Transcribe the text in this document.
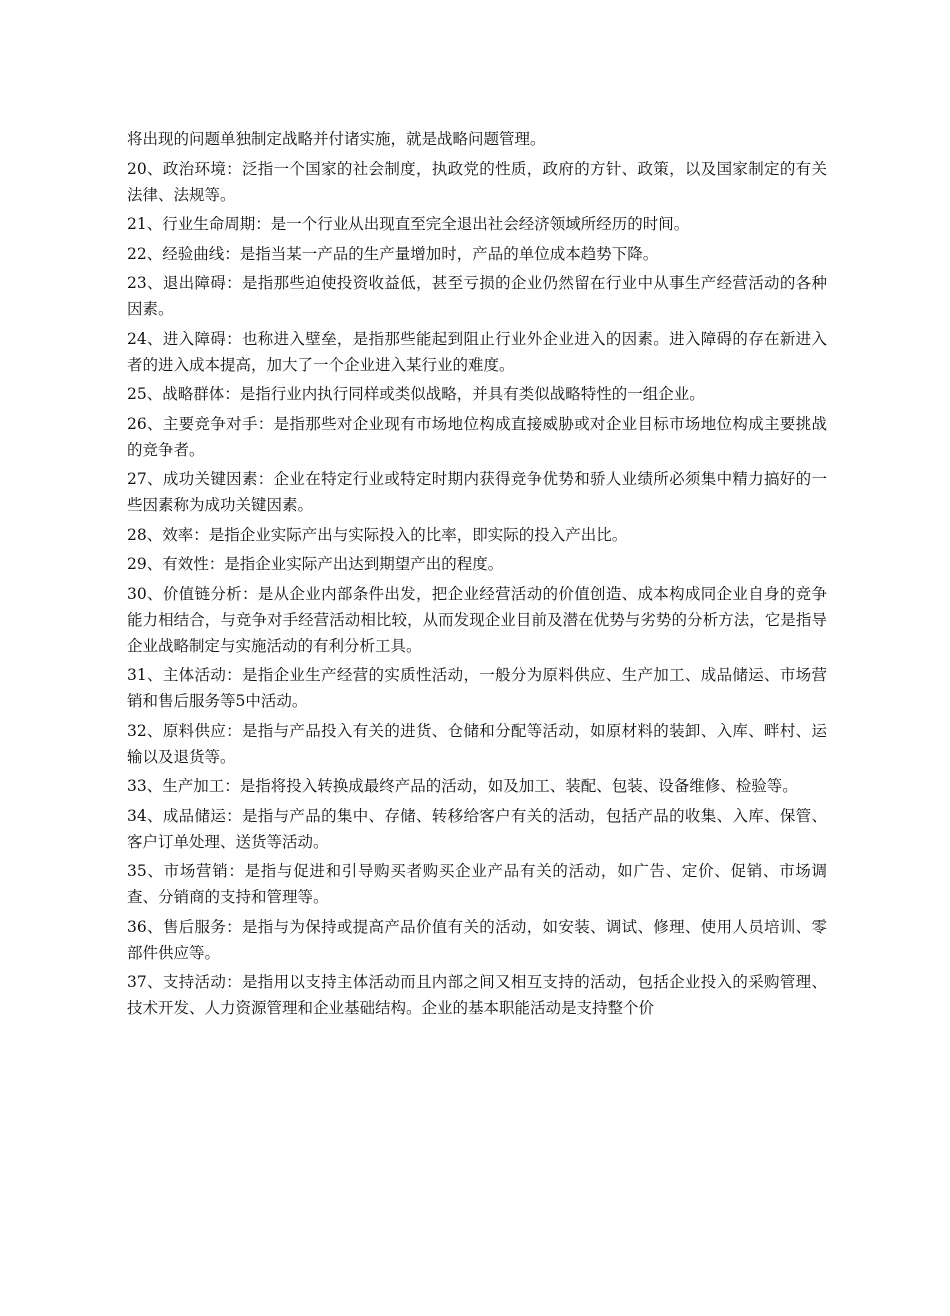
将出现的问题单独制定战略并付诸实施，就是战略问题管理。

20、政治环境：泛指一个国家的社会制度，执政党的性质，政府的方针、政策，以及国家制定的有关法律、法规等。

21、行业生命周期：是一个行业从出现直至完全退出社会经济领域所经历的时间。

22、经验曲线：是指当某一产品的生产量增加时，产品的单位成本趋势下降。

23、退出障碍：是指那些迫使投资收益低，甚至亏损的企业仍然留在行业中从事生产经营活动的各种因素。

24、进入障碍：也称进入壁垒，是指那些能起到阻止行业外企业进入的因素。进入障碍的存在新进入者的进入成本提高，加大了一个企业进入某行业的难度。

25、战略群体：是指行业内执行同样或类似战略，并具有类似战略特性的一组企业。

26、主要竞争对手：是指那些对企业现有市场地位构成直接威胁或对企业目标市场地位构成主要挑战的竞争者。

27、成功关键因素：企业在特定行业或特定时期内获得竞争优势和骄人业绩所必须集中精力搞好的一些因素称为成功关键因素。

28、效率：是指企业实际产出与实际投入的比率，即实际的投入产出比。

29、有效性：是指企业实际产出达到期望产出的程度。

30、价值链分析：是从企业内部条件出发，把企业经营活动的价值创造、成本构成同企业自身的竞争能力相结合，与竞争对手经营活动相比较，从而发现企业目前及潜在优势与劣势的分析方法，它是指导企业战略制定与实施活动的有利分析工具。

31、主体活动：是指企业生产经营的实质性活动，一般分为原料供应、生产加工、成品储运、市场营销和售后服务等5中活动。

32、原料供应：是指与产品投入有关的进货、仓储和分配等活动，如原材料的装卸、入库、畔村、运输以及退货等。

33、生产加工：是指将投入转换成最终产品的活动，如及加工、装配、包装、设备维修、检验等。

34、成品储运：是指与产品的集中、存储、转移给客户有关的活动，包括产品的收集、入库、保管、客户订单处理、送货等活动。

35、市场营销：是指与促进和引导购买者购买企业产品有关的活动，如广告、定价、促销、市场调查、分销商的支持和管理等。

36、售后服务：是指与为保持或提高产品价值有关的活动，如安装、调试、修理、使用人员培训、零部件供应等。

37、支持活动：是指用以支持主体活动而且内部之间又相互支持的活动，包括企业投入的采购管理、技术开发、人力资源管理和企业基础结构。企业的基本职能活动是支持整个价
